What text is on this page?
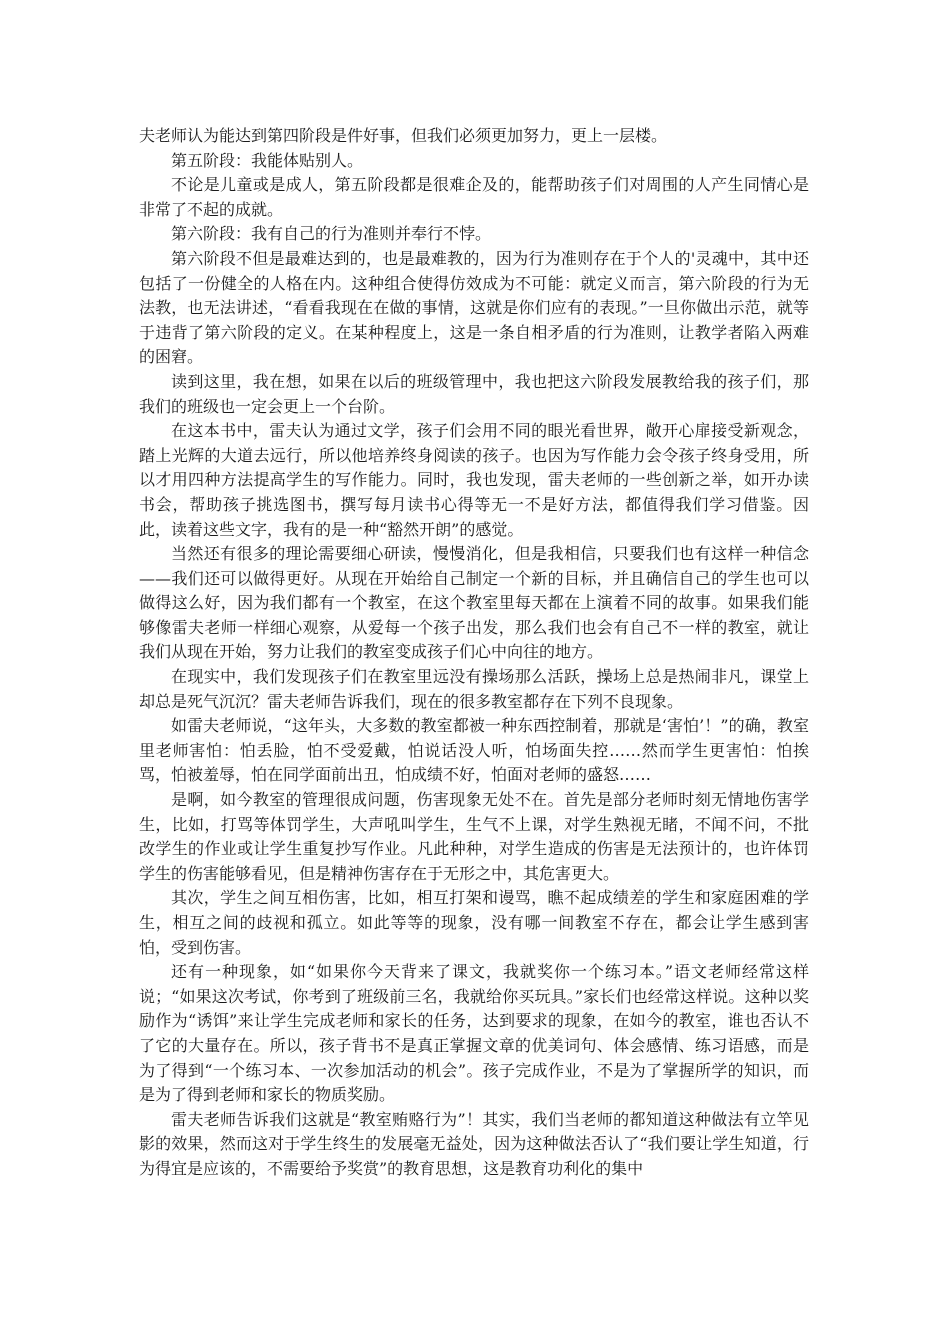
夫老师认为能达到第四阶段是件好事，但我们必须更加努力，更上一层楼。

第五阶段：我能体贴别人。

不论是儿童或是成人，第五阶段都是很难企及的，能帮助孩子们对周围的人产生同情心是非常了不起的成就。

第六阶段：我有自己的行为准则并奉行不悖。

第六阶段不但是最难达到的，也是最难教的，因为行为准则存在于个人的'灵魂中，其中还包括了一份健全的人格在内。这种组合使得仿效成为不可能：就定义而言，第六阶段的行为无法教，也无法讲述，“看看我现在在做的事情，这就是你们应有的表现。”一旦你做出示范，就等于违背了第六阶段的定义。在某种程度上，这是一条自相矛盾的行为准则，让教学者陷入两难的困窘。

读到这里，我在想，如果在以后的班级管理中，我也把这六阶段发展教给我的孩子们，那我们的班级也一定会更上一个台阶。

在这本书中，雷夫认为通过文学，孩子们会用不同的眼光看世界，敞开心扉接受新观念，踏上光辉的大道去远行，所以他培养终身阅读的孩子。也因为写作能力会令孩子终身受用，所以才用四种方法提高学生的写作能力。同时，我也发现，雷夫老师的一些创新之举，如开办读书会，帮助孩子挑选图书，撰写每月读书心得等无一不是好方法，都值得我们学习借鉴。因此，读着这些文字，我有的是一种“豁然开朗”的感觉。

当然还有很多的理论需要细心研读，慢慢消化，但是我相信，只要我们也有这样一种信念——我们还可以做得更好。从现在开始给自己制定一个新的目标，并且确信自己的学生也可以做得这么好，因为我们都有一个教室，在这个教室里每天都在上演着不同的故事。如果我们能够像雷夫老师一样细心观察，从爱每一个孩子出发，那么我们也会有自己不一样的教室，就让我们从现在开始，努力让我们的教室变成孩子们心中向往的地方。

在现实中，我们发现孩子们在教室里远没有操场那么活跃，操场上总是热闹非凡，课堂上却总是死气沉沉？雷夫老师告诉我们，现在的很多教室都存在下列不良现象。

如雷夫老师说，“这年头，大多数的教室都被一种东西控制着，那就是‘害怕’！”的确，教室里老师害怕：怕丢脸，怕不受爱戴，怕说话没人听，怕场面失控……然而学生更害怕：怕挨骂，怕被羞辱，怕在同学面前出丑，怕成绩不好，怕面对老师的盛怒……

是啊，如今教室的管理很成问题，伤害现象无处不在。首先是部分老师时刻无情地伤害学生，比如，打骂等体罚学生，大声吼叫学生，生气不上课，对学生熟视无睹，不闻不问，不批改学生的作业或让学生重复抄写作业。凡此种种，对学生造成的伤害是无法预计的，也许体罚学生的伤害能够看见，但是精神伤害存在于无形之中，其危害更大。

其次，学生之间互相伤害，比如，相互打架和谩骂，瞧不起成绩差的学生和家庭困难的学生，相互之间的歧视和孤立。如此等等的现象，没有哪一间教室不存在，都会让学生感到害怕，受到伤害。

还有一种现象，如“如果你今天背来了课文，我就奖你一个练习本。”语文老师经常这样说；“如果这次考试，你考到了班级前三名，我就给你买玩具。”家长们也经常这样说。这种以奖励作为“诱饵”来让学生完成老师和家长的任务，达到要求的现象，在如今的教室，谁也否认不了它的大量存在。所以，孩子背书不是真正掌握文章的优美词句、体会感情、练习语感，而是为了得到“一个练习本、一次参加活动的机会”。孩子完成作业，不是为了掌握所学的知识，而是为了得到老师和家长的物质奖励。

雷夫老师告诉我们这就是“教室贿赂行为”！其实，我们当老师的都知道这种做法有立竿见影的效果，然而这对于学生终生的发展毫无益处，因为这种做法否认了“我们要让学生知道，行为得宜是应该的，不需要给予奖赏”的教育思想，这是教育功利化的集中
